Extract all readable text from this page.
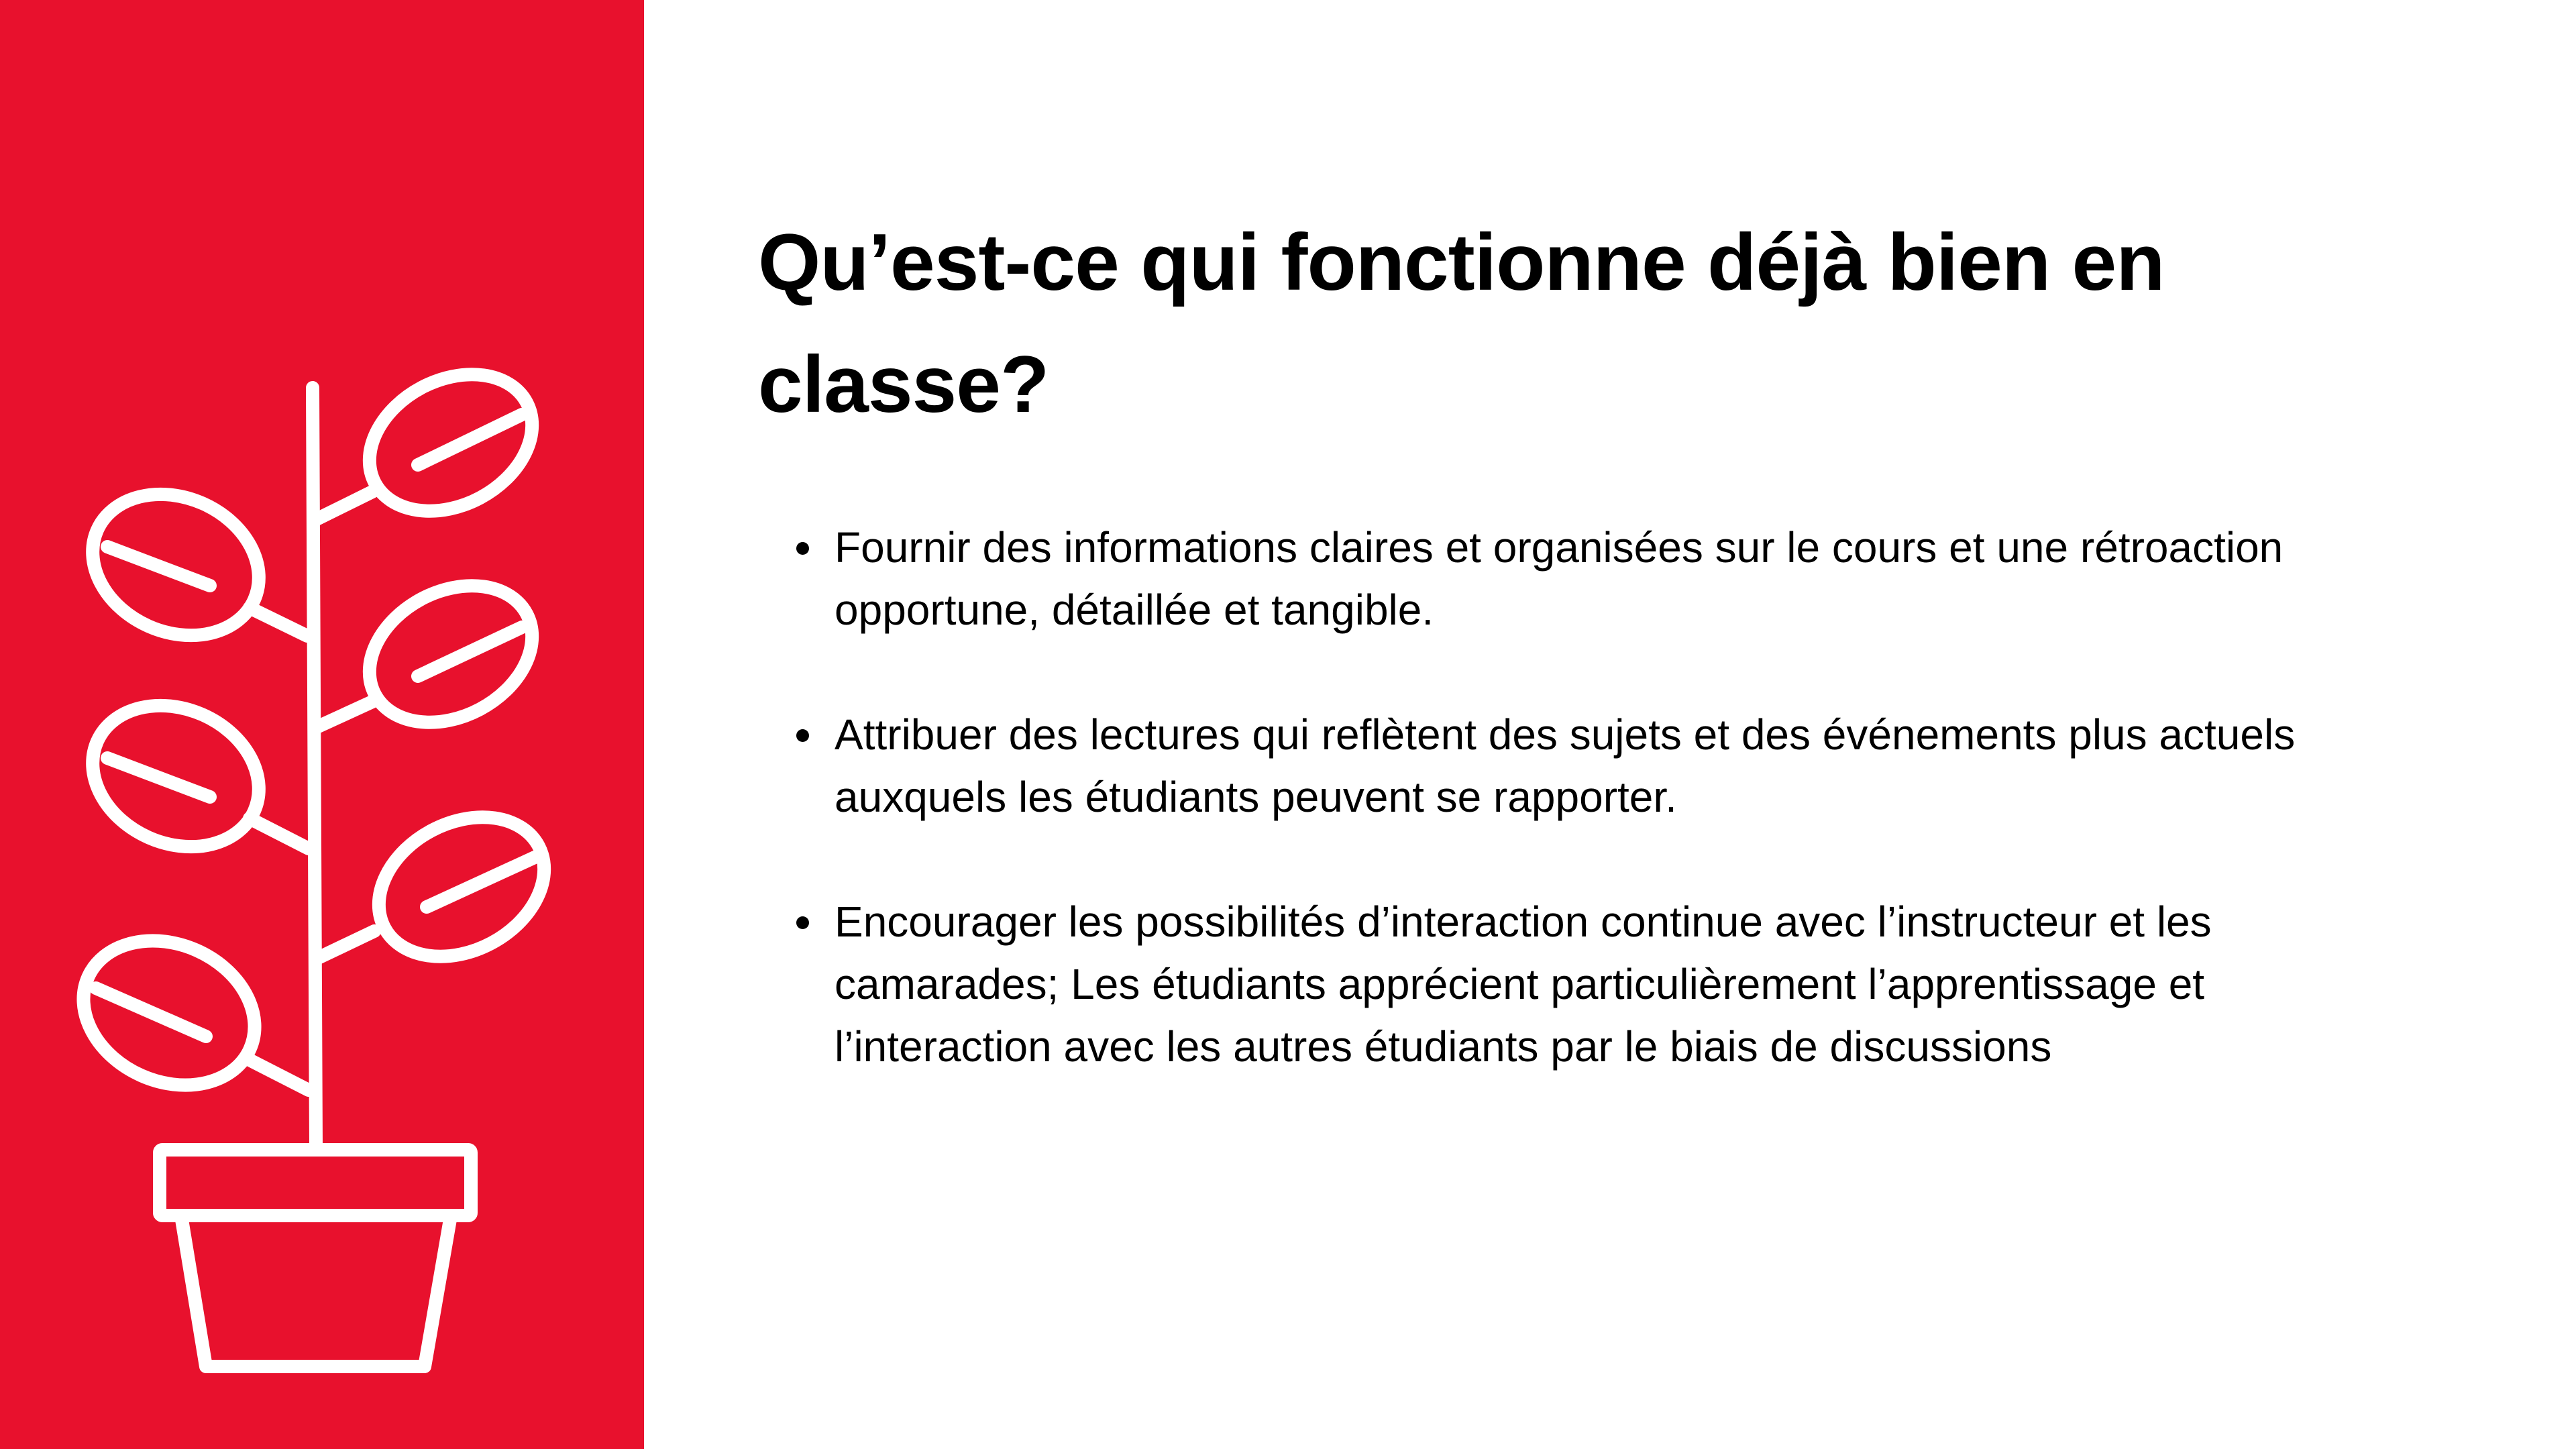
Qu’est-ce qui fonctionne déjà bien en classe?
Fournir des informations claires et organisées sur le cours et une rétroaction opportune, détaillée et tangible.
Attribuer des lectures qui reflètent des sujets et des événements plus actuels auxquels les étudiants peuvent se rapporter.
Encourager les possibilités d’interaction continue avec l’instructeur et les camarades; Les étudiants apprécient particulièrement l’apprentissage et l’interaction avec les autres étudiants par le biais de discussions
